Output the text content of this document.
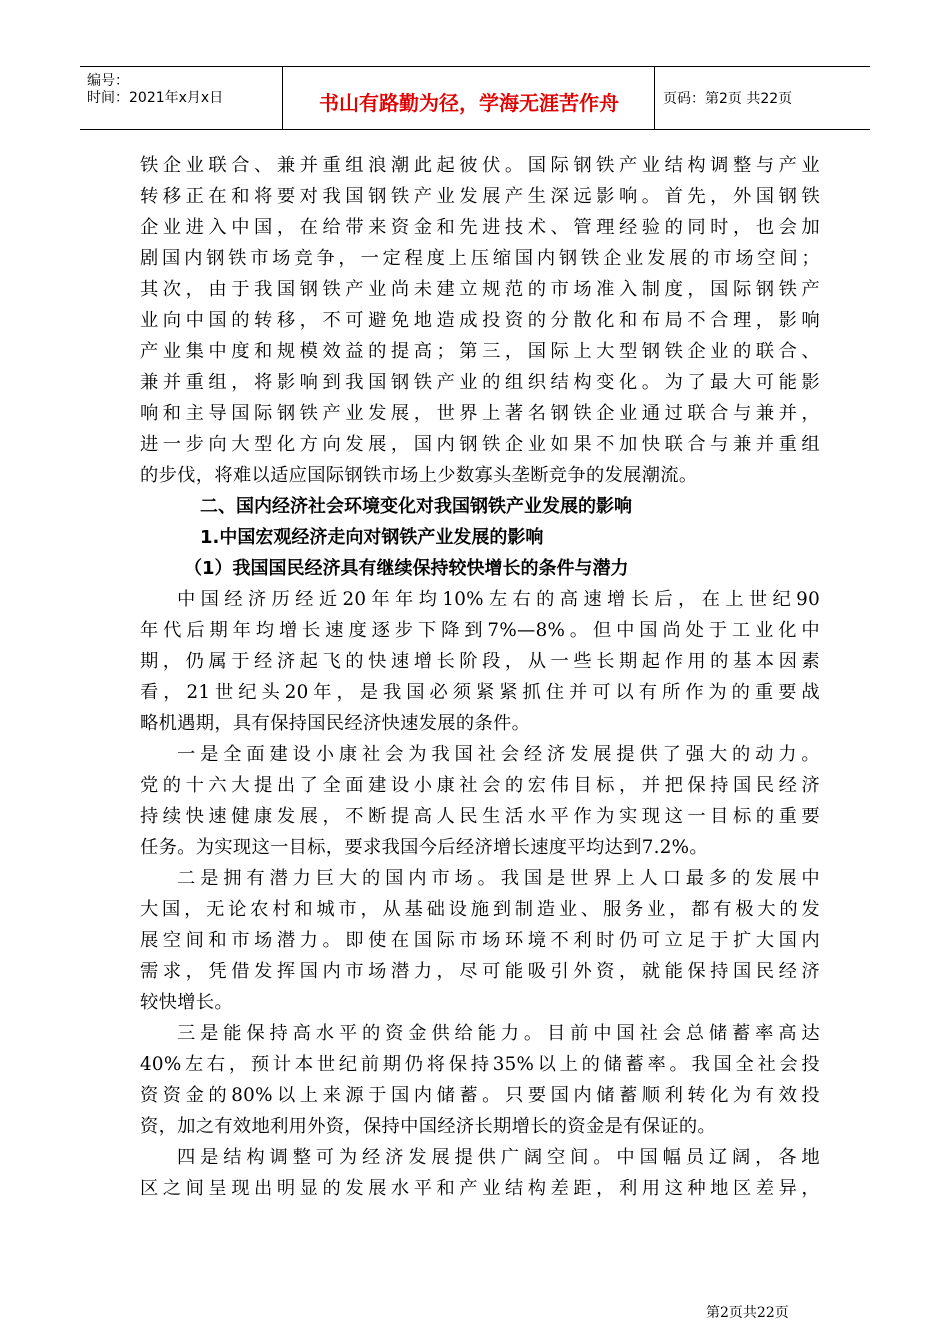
编号：
时间：2021年x月x日	书山有路勤为径，学海无涯苦作舟	页码：第2页 共22页
铁企业联合、兼并重组浪潮此起彼伏。国际钢铁产业结构调整与产业
转移正在和将要对我国钢铁产业发展产生深远影响。首先，外国钢铁
企业进入中国，在给带来资金和先进技术、管理经验的同时，也会加
剧国内钢铁市场竞争，一定程度上压缩国内钢铁企业发展的市场空间；
其次，由于我国钢铁产业尚未建立规范的市场准入制度，国际钢铁产
业向中国的转移，不可避免地造成投资的分散化和布局不合理，影响
产业集中度和规模效益的提高；第三，国际上大型钢铁企业的联合、
兼并重组，将影响到我国钢铁产业的组织结构变化。为了最大可能影
响和主导国际钢铁产业发展，世界上著名钢铁企业通过联合与兼并，
进一步向大型化方向发展，国内钢铁企业如果不加快联合与兼并重组
的步伐，将难以适应国际钢铁市场上少数寡头垄断竞争的发展潮流。
二、国内经济社会环境变化对我国钢铁产业发展的影响
1.中国宏观经济走向对钢铁产业发展的影响
（1）我国国民经济具有继续保持较快增长的条件与潜力
中国经济历经近20年年均10%左右的高速增长后，在上世纪90
年代后期年均增长速度逐步下降到7%—8%。但中国尚处于工业化中
期，仍属于经济起飞的快速增长阶段，从一些长期起作用的基本因素
看，21世纪头20年，是我国必须紧紧抓住并可以有所作为的重要战
略机遇期，具有保持国民经济快速发展的条件。
一是全面建设小康社会为我国社会经济发展提供了强大的动力。
党的十六大提出了全面建设小康社会的宏伟目标，并把保持国民经济
持续快速健康发展，不断提高人民生活水平作为实现这一目标的重要
任务。为实现这一目标，要求我国今后经济增长速度平均达到7.2%。
二是拥有潜力巨大的国内市场。我国是世界上人口最多的发展中
大国，无论农村和城市，从基础设施到制造业、服务业，都有极大的发
展空间和市场潜力。即使在国际市场环境不利时仍可立足于扩大国内
需求，凭借发挥国内市场潜力，尽可能吸引外资，就能保持国民经济
较快增长。
三是能保持高水平的资金供给能力。目前中国社会总储蓄率高达
40%左右，预计本世纪前期仍将保持35%以上的储蓄率。我国全社会投
资资金的80%以上来源于国内储蓄。只要国内储蓄顺利转化为有效投
资，加之有效地利用外资，保持中国经济长期增长的资金是有保证的。
四是结构调整可为经济发展提供广阔空间。中国幅员辽阔，各地
区之间呈现出明显的发展水平和产业结构差距，利用这种地区差异，
第2页共22页
